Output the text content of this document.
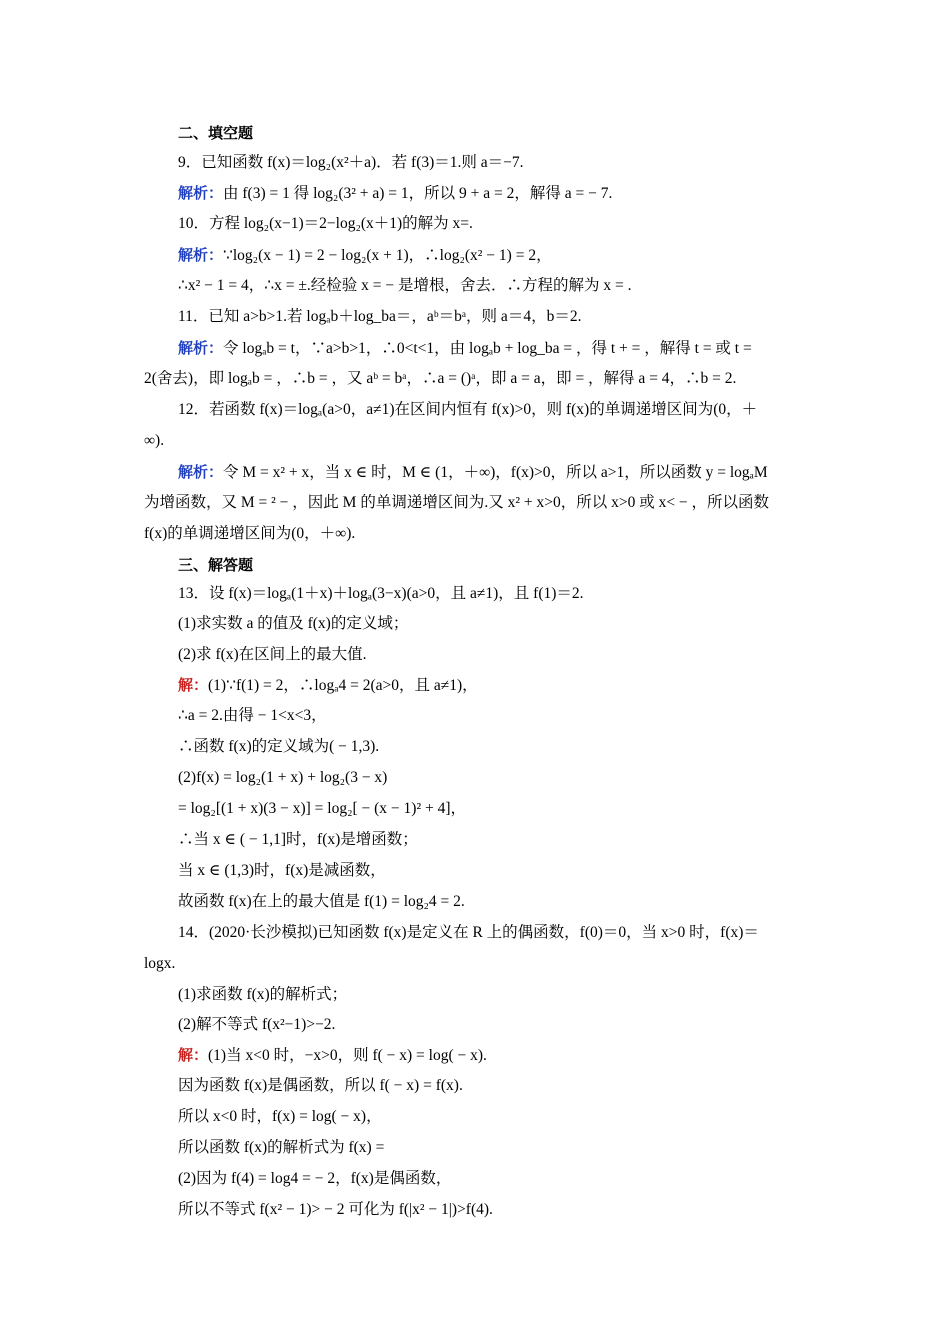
二、填空题
9．已知函数 f(x)＝log₂(x²＋a)．若 f(3)＝1.则 a＝−7.
解析：由 f(3) = 1 得 log₂(3² + a) = 1，所以 9 + a = 2，解得 a = − 7.
10．方程 log₂(x−1)＝2−log₂(x＋1)的解为 x=.
解析：∵log₂(x − 1) = 2 − log₂(x + 1)，∴log₂(x² − 1) = 2，
∴x² − 1 = 4，∴x = ±.经检验 x = − 是增根，舍去．∴方程的解为 x = .
11．已知 a>b>1.若 logₐb＋log_ba＝，aᵇ＝bᵃ，则 a＝4，b＝2.
解析：令 logₐb = t，∵a>b>1，∴0<t<1，由 logₐb + log_ba = ，得 t + = ，解得 t = 或 t =
2(舍去)，即 logₐb = ，∴b = ，又 aᵇ = bᵃ，∴a = ()ᵃ，即 a = a，即 = ，解得 a = 4，∴b = 2.
12．若函数 f(x)＝logₐ(a>0，a≠1)在区间内恒有 f(x)>0，则 f(x)的单调递增区间为(0，＋
∞).
解析：令 M = x² + x，当 x ∈ 时，M ∈ (1，＋∞)，f(x)>0，所以 a>1，所以函数 y = logₐM
为增函数，又 M = ² − ，因此 M 的单调递增区间为.又 x² + x>0，所以 x>0 或 x< − ，所以函数
f(x)的单调递增区间为(0，＋∞).
三、解答题
13．设 f(x)＝logₐ(1＋x)＋logₐ(3−x)(a>0，且 a≠1)，且 f(1)＝2.
(1)求实数 a 的值及 f(x)的定义域；
(2)求 f(x)在区间上的最大值.
解：(1)∵f(1) = 2，∴logₐ4 = 2(a>0，且 a≠1)，
∴a = 2.由得 − 1<x<3，
∴函数 f(x)的定义域为( − 1,3).
(2)f(x) = log₂(1 + x) + log₂(3 − x)
= log₂[(1 + x)(3 − x)] = log₂[ − (x − 1)² + 4]，
∴当 x ∈ ( − 1,1]时，f(x)是增函数；
当 x ∈ (1,3)时，f(x)是减函数，
故函数 f(x)在上的最大值是 f(1) = log₂4 = 2.
14．(2020·长沙模拟)已知函数 f(x)是定义在 R 上的偶函数，f(0)＝0，当 x>0 时，f(x)＝
logx.
(1)求函数 f(x)的解析式；
(2)解不等式 f(x²−1)>−2.
解：(1)当 x<0 时，−x>0，则 f( − x) = log( − x).
因为函数 f(x)是偶函数，所以 f( − x) = f(x).
所以 x<0 时，f(x) = log( − x)，
所以函数 f(x)的解析式为 f(x) =
(2)因为 f(4) = log4 = − 2，f(x)是偶函数，
所以不等式 f(x² − 1)> − 2 可化为 f(|x² − 1|)>f(4).
